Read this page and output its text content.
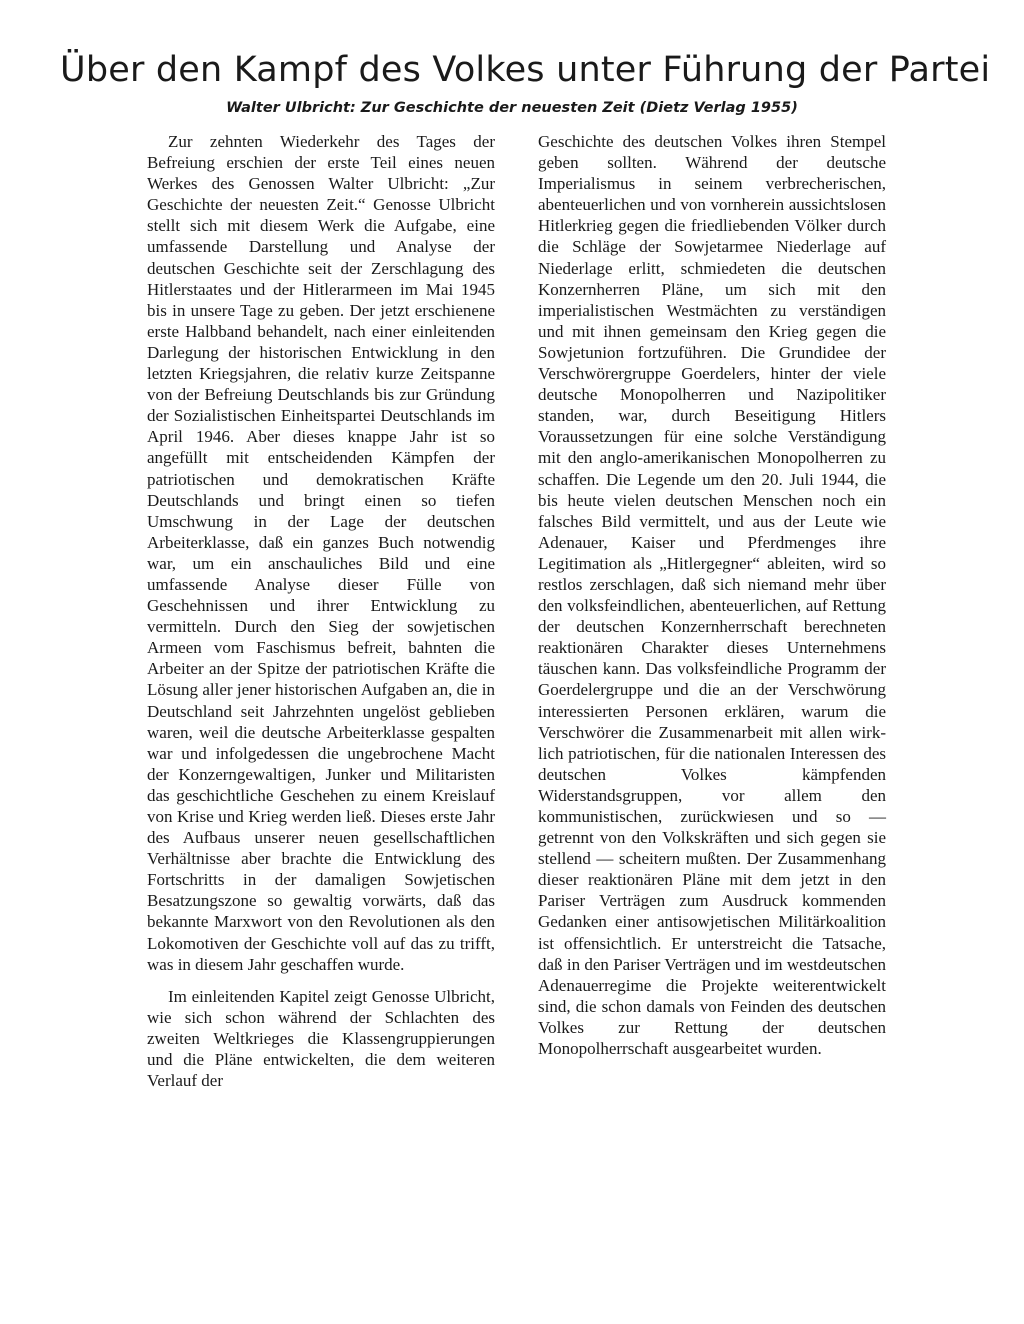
Über den Kampf des Volkes unter Führung der Partei
Walter Ulbricht: Zur Geschichte der neuesten Zeit (Dietz Verlag 1955)

Zur zehnten Wiederkehr des Tages der Befreiung erschien der erste Teil eines neuen Werkes des Genossen Walter Ulbricht: „Zur Geschichte der neuesten Zeit.“ Genosse Ulbricht stellt sich mit diesem Werk die Aufgabe, eine umfassende Darstellung und Analyse der deutschen Geschichte seit der Zerschlagung des Hitlerstaates und der Hitlerarmeen im Mai 1945 bis in unsere Tage zu geben. Der jetzt erschienene erste Halbband behandelt, nach einer einleitenden Darlegung der historischen Entwicklung in den letzten Kriegsjahren, die relativ kurze Zeitspanne von der Befreiung Deutschlands bis zur Gründung der Sozialistischen Einheitspartei Deutschlands im April 1946. Aber dieses knappe Jahr ist so angefüllt mit entscheidenden Kämpfen der patriotischen und demokratischen Kräfte Deutschlands und bringt einen so tiefen Umschwung in der Lage der deutschen Arbeiterklasse, daß ein ganzes Buch notwendig war, um ein anschauliches Bild und eine umfassende Analyse dieser Fülle von Geschehnissen und ihrer Entwicklung zu vermitteln. Durch den Sieg der sowjetischen Armeen vom Faschismus befreit, bahnten die Arbeiter an der Spitze der patriotischen Kräfte die Lösung aller jener historischen Aufgaben an, die in Deutschland seit Jahrzehnten ungelöst geblieben waren, weil die deutsche Arbeiterklasse gespalten war und infolgedessen die ungebrochene Macht der Konzerngewaltigen, Junker und Militaristen das geschichtliche Geschehen zu einem Kreislauf von Krise und Krieg werden ließ. Dieses erste Jahr des Aufbaus unserer neuen gesellschaftlichen Verhältnisse aber brachte die Entwicklung des Fortschritts in der damaligen Sowjetischen Besatzungszone so gewaltig vorwärts, daß das bekannte Marxwort von den Revolutionen als den Lokomotiven der Geschichte voll auf das zu trifft, was in diesem Jahr geschaffen wurde.

Im einleitenden Kapitel zeigt Genosse Ulbricht, wie sich schon während der Schlachten des zweiten Weltkrieges die Klassengruppierungen und die Pläne entwickelten, die dem weiteren Verlauf der

Geschichte des deutschen Volkes ihren Stempel geben sollten. Während der deutsche Imperialismus in seinem verbrecherischen, abenteuerlichen und von vornherein aussichtslosen Hitlerkrieg gegen die friedliebenden Völker durch die Schläge der Sowjetarmee Niederlage auf Niederlage erlitt, schmiedeten die deutschen Konzernherren Pläne, um sich mit den imperialistischen Westmächten zu verständigen und mit ihnen gemeinsam den Krieg gegen die Sowjetunion fortzuführen. Die Grundidee der Verschwörergruppe Goerdelers, hinter der viele deutsche Monopolherren und Nazipolitiker standen, war, durch Beseitigung Hitlers Voraussetzungen für eine solche Verständigung mit den anglo-amerikanischen Monopolherren zu schaffen. Die Legende um den 20. Juli 1944, die bis heute vielen deutschen Menschen noch ein falsches Bild vermittelt, und aus der Leute wie Adenauer, Kaiser und Pferdmenges ihre Legitimation als „Hitlergegner“ ableiten, wird so restlos zerschlagen, daß sich niemand mehr über den volksfeindlichen, abenteuerlichen, auf Rettung der deutschen Konzernherrschaft berechneten reaktionären Charakter dieses Unternehmens täuschen kann. Das volksfeindliche Programm der Goerdelergruppe und die an der Verschwörung interessierten Personen erklären, warum die Verschwörer die Zusammenarbeit mit allen wirklich patriotischen, für die nationalen Interessen des deutschen Volkes kämpfenden Widerstandsgruppen, vor allem den kommunistischen, zurückwiesen und so — getrennt von den Volkskräften und sich gegen sie stellend — scheitern mußten. Der Zusammenhang dieser reaktionären Pläne mit dem jetzt in den Pariser Verträgen zum Ausdruck kommenden Gedanken einer antisowjetischen Militärkoalition ist offensichtlich. Er unterstreicht die Tatsache, daß in den Pariser Verträgen und im westdeutschen Adenauerregime die Projekte weiterentwickelt sind, die schon damals von Feinden des deutschen Volkes zur Rettung der deutschen Monopolherrschaft ausgearbeitet wurden.
